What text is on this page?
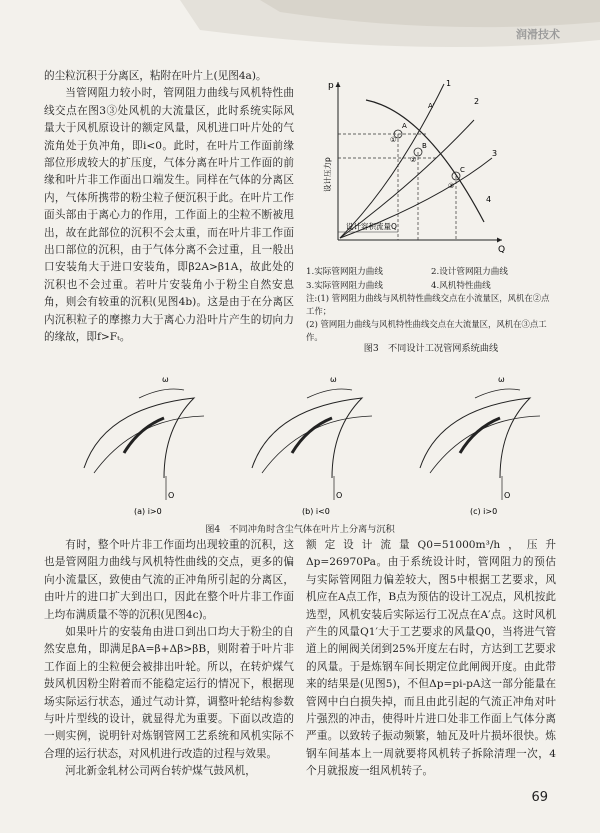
润滑技术

的尘粒沉积于分离区，粘附在叶片上(见图4a)。

当管网阻力较小时，管网阻力曲线与风机特性曲线交点在图3③处风机的大流量区，此时系统实际风量大于风机原设计的额定风量，风机进口叶片处的气流角处于负冲角，即i<0。此时，在叶片工作面前缘部位形成较大的扩压度，气体分离在叶片工作面的前缘和叶片非工作面出口端发生。同样在气体的分离区内，气体所携带的粉尘粒子便沉积于此。在叶片工作面头部由于离心力的作用，工作面上的尘粒不断被甩出，故在此部位的沉积不会太重，而在叶片非工作面出口部位的沉积，由于气体分离不会过重，且一般出口安装角大于进口安装角，即β2A>β1A，故此处的沉积也不会过重。若叶片安装角小于粉尘自然安息角，则会有较重的沉积(见图4b)。这是由于在分离区内沉积粒子的摩擦力大于离心力沿叶片产生的切向力的缘故，即f>Fₜ。

p
Q
1
2
3
4
A
B
C
A'
①
②
③
设计压力p
设计容积流量Q
1.实际管网阻力曲线	2.设计管网阻力曲线
3.实际管网阻力曲线	4.风机特性曲线
注:(1) 管网阻力曲线与风机特性曲线交点在小流量区，风机在②点工作；
(2) 管网阻力曲线与风机特性曲线交点在大流量区，风机在③点工作。
图3　不同设计工况管网系统曲线
ω
O
(a) i>0
ω
O
(b) i<0
ω
O
(c) i>0
图4　不同冲角时含尘气体在叶片上分离与沉积

有时，整个叶片非工作面均出现较重的沉积，这也是管网阻力曲线与风机特性曲线的交点，更多的偏向小流量区，致使由气流的正冲角所引起的分离区，由叶片的进口扩大到出口，因此在整个叶片非工作面上均布满质量不等的沉积(见图4c)。

如果叶片的安装角由进口到出口均大于粉尘的自然安息角，即满足βA=β+Δβ>βB，则附着于叶片非工作面上的尘粒便会被排出叶轮。所以，在转炉煤气鼓风机因粉尘附着而不能稳定运行的情况下，根据现场实际运行状态，通过气动计算，调整叶轮结构参数与叶片型线的设计，就显得尤为重要。下面以改造的一则实例，说明针对炼钢管网工艺系统和风机实际不合理的运行状态，对风机进行改造的过程与效果。

河北新金轧材公司两台转炉煤气鼓风机，

额定设计流量Q0=51000m³/h，压升Δp=26970Pa。由于系统设计时，管网阻力的预估与实际管网阻力偏差较大，图5中根据工艺要求，风机应在A点工作，B点为预估的设计工况点，风机按此选型，风机安装后实际运行工况点在A′点。这时风机产生的风量Q1′大于工艺要求的风量Q0，当将进气管道上的闸阀关闭到25%开度左右时，方达到工艺要求的风量。于是炼钢车间长期定位此闸阀开度。由此带来的结果是(见图5)，不但Δp=pi-pA这一部分能量在管网中白白损失掉，而且由此引起的气流正冲角对叶片强烈的冲击，使得叶片进口处非工作面上气体分离严重。以致转子振动频繁，轴瓦及叶片损坏很快。炼钢车间基本上一周就要将风机转子拆除清理一次，4个月就报废一组风机转子。

69
